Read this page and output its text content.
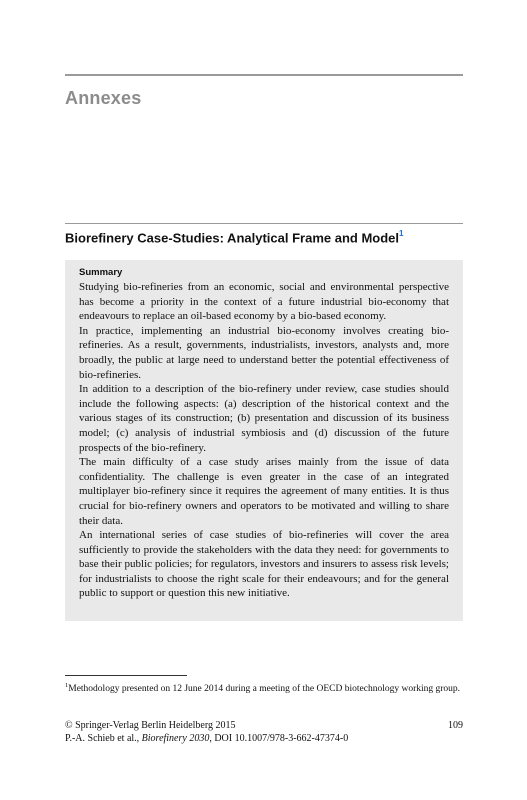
Annexes
Biorefinery Case-Studies: Analytical Frame and Model$^1$
Summary

Studying bio-refineries from an economic, social and environmental perspective has become a priority in the context of a future industrial bio-economy that endeavours to replace an oil-based economy by a bio-based economy.

In practice, implementing an industrial bio-economy involves creating bio-refineries. As a result, governments, industrialists, investors, analysts and, more broadly, the public at large need to understand better the potential effectiveness of bio-refineries.

In addition to a description of the bio-refinery under review, case studies should include the following aspects: (a) description of the historical context and the various stages of its construction; (b) presentation and discussion of its business model; (c) analysis of industrial symbiosis and (d) discussion of the future prospects of the bio-refinery.

The main difficulty of a case study arises mainly from the issue of data confidentiality. The challenge is even greater in the case of an integrated multiplayer bio-refinery since it requires the agreement of many entities. It is thus crucial for bio-refinery owners and operators to be motivated and willing to share their data.

An international series of case studies of bio-refineries will cover the area sufficiently to provide the stakeholders with the data they need: for governments to base their public policies; for regulators, investors and insurers to assess risk levels; for industrialists to choose the right scale for their endeavours; and for the general public to support or question this new initiative.

$^1$Methodology presented on 12 June 2014 during a meeting of the OECD biotechnology working group.
© Springer-Verlag Berlin Heidelberg 2015	109
P.-A. Schieb et al., Biorefinery 2030, DOI 10.1007/978-3-662-47374-0
